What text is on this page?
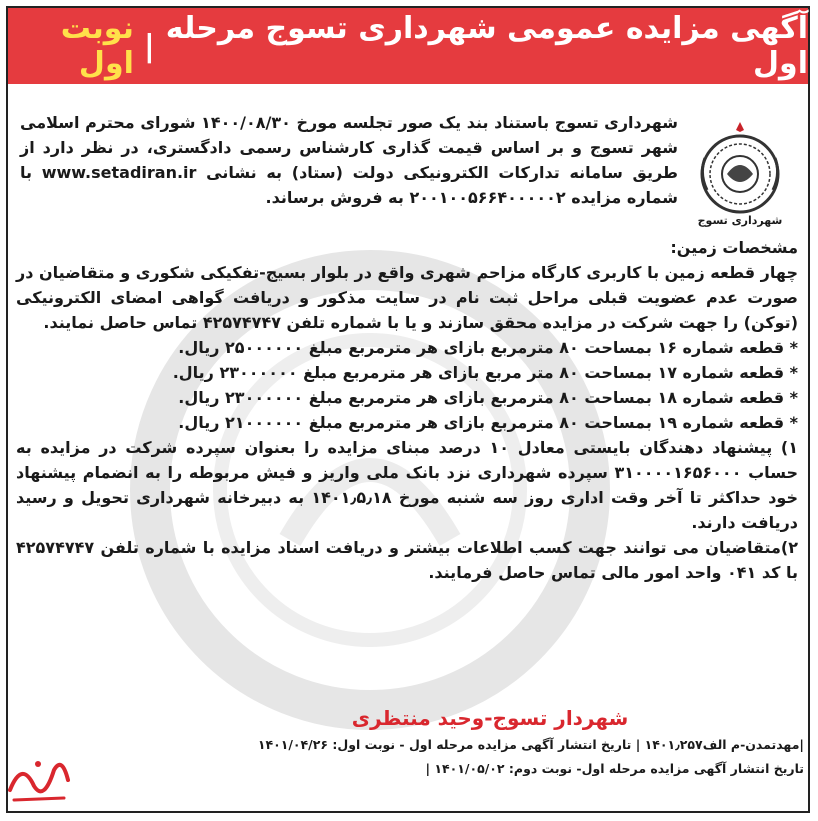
آگهی مزایده عمومی شهرداری تسوج مرحله اول
|
نوبت اول
شهرداری تسوج
شهرداری تسوج باستناد بند یک صور تجلسه مورخ ۱۴۰۰/۰۸/۳۰ شورای محترم اسلامی شهر تسوج و بر اساس قیمت گذاری کارشناس رسمی دادگستری، در نظر دارد از طریق سامانه تدارکات الکترونیکی دولت (ستاد) به نشانی www.setadiran.ir با شماره مزایده ۲۰۰۱۰۰۵۶۶۴۰۰۰۰۰۲ به فروش برساند.

مشخصات زمین:

چهار قطعه زمین با کاربری کارگاه مزاحم شهری واقع در بلوار بسیج-تفکیکی شکوری و متقاضیان در صورت عدم عضویت قبلی مراحل ثبت نام در سایت مذکور و دریافت گواهی امضای الکترونیکی (توکن) را جهت شرکت در مزایده محقق سازند و یا با شماره تلفن ۴۲۵۷۴۷۴۷ تماس حاصل نمایند.

* قطعه شماره ۱۶ بمساحت ۸۰ مترمربع بازای هر مترمربع مبلغ ۲۵۰۰۰۰۰۰ ریال.

* قطعه شماره ۱۷ بمساحت ۸۰ متر مربع بازای هر مترمربع مبلغ ۲۳۰۰۰۰۰۰ ریال.

* قطعه شماره ۱۸ بمساحت ۸۰ مترمربع بازای هر مترمربع مبلغ ۲۳۰۰۰۰۰۰ ریال.

* قطعه شماره ۱۹ بمساحت ۸۰ مترمربع بازای هر مترمربع مبلغ ۲۱۰۰۰۰۰۰ ریال.

۱) پیشنهاد دهندگان بایستی معادل ۱۰ درصد مبنای مزایده را بعنوان سپرده شرکت در مزایده به حساب ۳۱۰۰۰۰۱۶۵۶۰۰۰ سپرده شهرداری نزد بانک ملی واریز و فیش مربوطه را به انضمام پیشنهاد خود حداکثر تا آخر وقت اداری روز سه شنبه مورخ ۱۴۰۱٫۵٫۱۸ به دبیرخانه شهرداری تحویل و رسید دریافت دارند.

۲)متقاضیان می توانند جهت کسب اطلاعات بیشتر و دریافت اسناد مزایده با شماره تلفن ۴۲۵۷۴۷۴۷ با کد ۰۴۱ واحد امور مالی تماس حاصل فرمایند.

شهردار تسوج-وحید منتظری
|مهدتمدن-م الف۱۴۰۱٫۲۵۷ | تاریخ انتشار آگهی مزایده مرحله اول - نوبت اول: ۱۴۰۱/۰۴/۲۶
تاریخ انتشار آگهی مزایده مرحله اول- نوبت دوم: ۱۴۰۱/۰۵/۰۲ |
